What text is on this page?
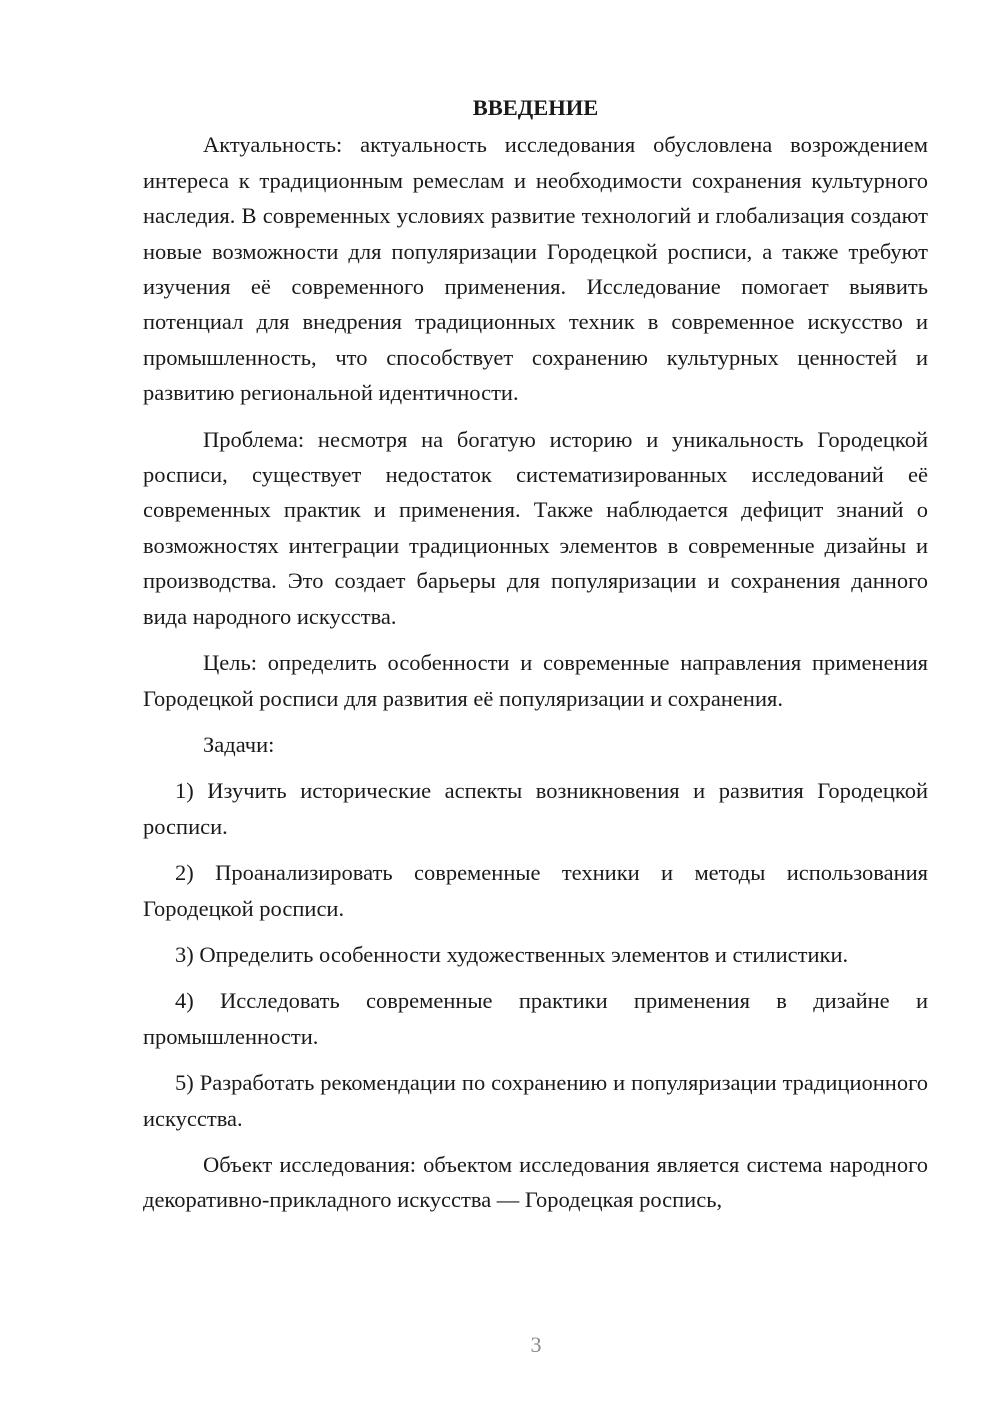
ВВЕДЕНИЕ

Актуальность: актуальность исследования обусловлена возрождением интереса к традиционным ремеслам и необходимости сохранения культурного наследия. В современных условиях развитие технологий и глобализация создают новые возможности для популяризации Городецкой росписи, а также требуют изучения её современного применения. Исследование помогает выявить потенциал для внедрения традиционных техник в современное искусство и промышленность, что способствует сохранению культурных ценностей и развитию региональной идентичности.

Проблема: несмотря на богатую историю и уникальность Городецкой росписи, существует недостаток систематизированных исследований её современных практик и применения. Также наблюдается дефицит знаний о возможностях интеграции традиционных элементов в современные дизайны и производства. Это создает барьеры для популяризации и сохранения данного вида народного искусства.

Цель: определить особенности и современные направления применения Городецкой росписи для развития её популяризации и сохранения.

Задачи:

1) Изучить исторические аспекты возникновения и развития Городецкой росписи.

2) Проанализировать современные техники и методы использования Городецкой росписи.

3) Определить особенности художественных элементов и стилистики.

4) Исследовать современные практики применения в дизайне и промышленности.

5) Разработать рекомендации по сохранению и популяризации традиционного искусства.

Объект исследования: объектом исследования является система народного декоративно-прикладного искусства — Городецкая роспись,

3
